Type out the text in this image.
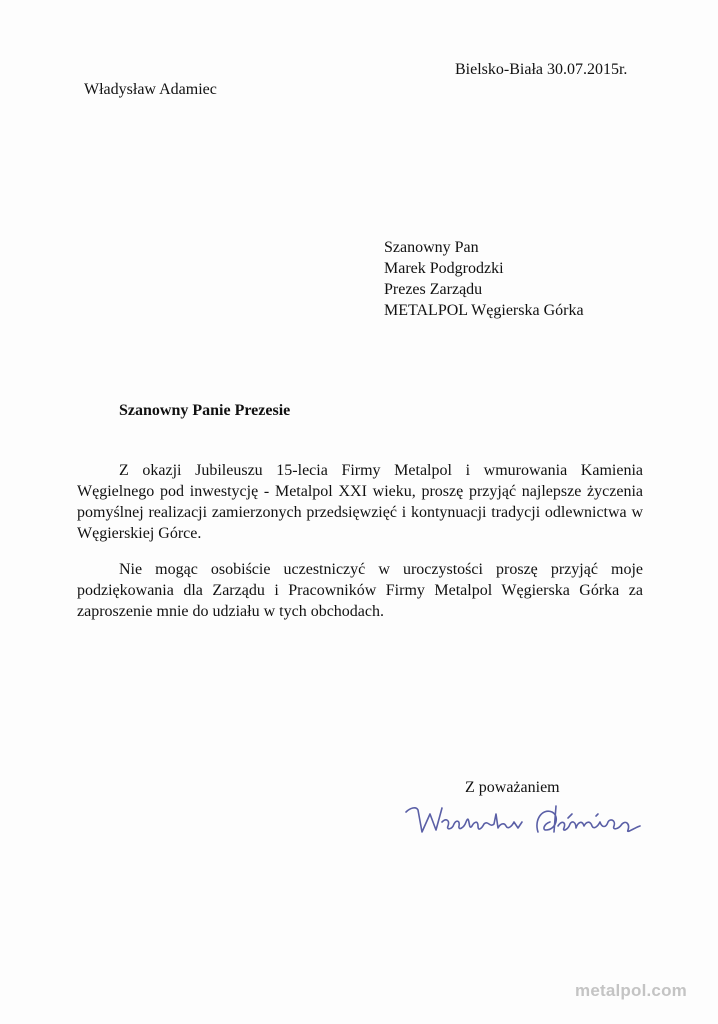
Bielsko-Biała 30.07.2015r.
Władysław Adamiec
Szanowny Pan
Marek Podgrodzki
Prezes Zarządu
METALPOL Węgierska Górka
Szanowny Panie Prezesie

Z okazji Jubileuszu 15-lecia Firmy Metalpol i wmurowania Kamienia Węgielnego pod inwestycję - Metalpol XXI wieku, proszę przyjąć najlepsze życzenia pomyślnej realizacji zamierzonych przedsięwzięć i kontynuacji tradycji odlewnictwa w Węgierskiej Górce.

Nie mogąc osobiście uczestniczyć w uroczystości proszę przyjąć moje podziękowania dla Zarządu i Pracowników Firmy Metalpol Węgierska Górka za zaproszenie mnie do udziału w tych obchodach.

Z poważaniem
metalpol.com
